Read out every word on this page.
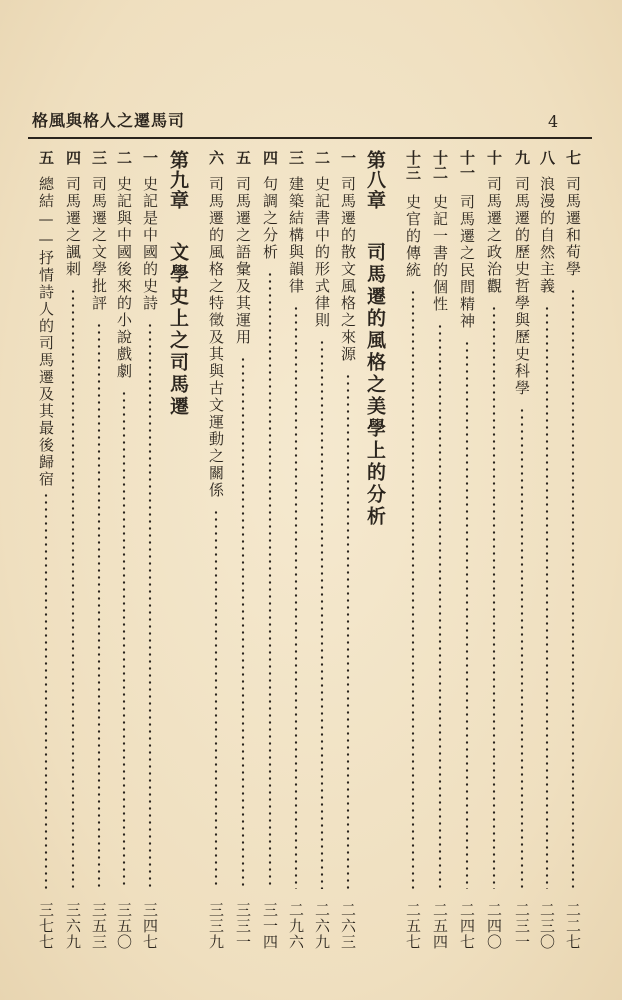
格風與格人之遷馬司	4
七
司馬遷和荀學
二二七
八
浪漫的自然主義
二三〇
九
司馬遷的歷史哲學與歷史科學
二三一
十
司馬遷之政治觀
二四〇
十一
司馬遷之民間精神
二四七
十二
史記一書的個性
二五四
十三
史官的傳統
二五七
第八章
司馬遷的風格之美學上的分析
一
司馬遷的散文風格之來源
二六三
二
史記書中的形式律則
二六九
三
建築結構與韻律
二九六
四
句調之分析
三一四
五
司馬遷之語彙及其運用
三三一
六
司馬遷的風格之特徵及其與古文運動之關係
三三九
第九章
文學史上之司馬遷
一
史記是中國的史詩
三四七
二
史記與中國後來的小說戲劇
三五〇
三
司馬遷之文學批評
三五三
四
司馬遷之諷刺
三六九
五
總結——抒情詩人的司馬遷及其最後歸宿
三七七
